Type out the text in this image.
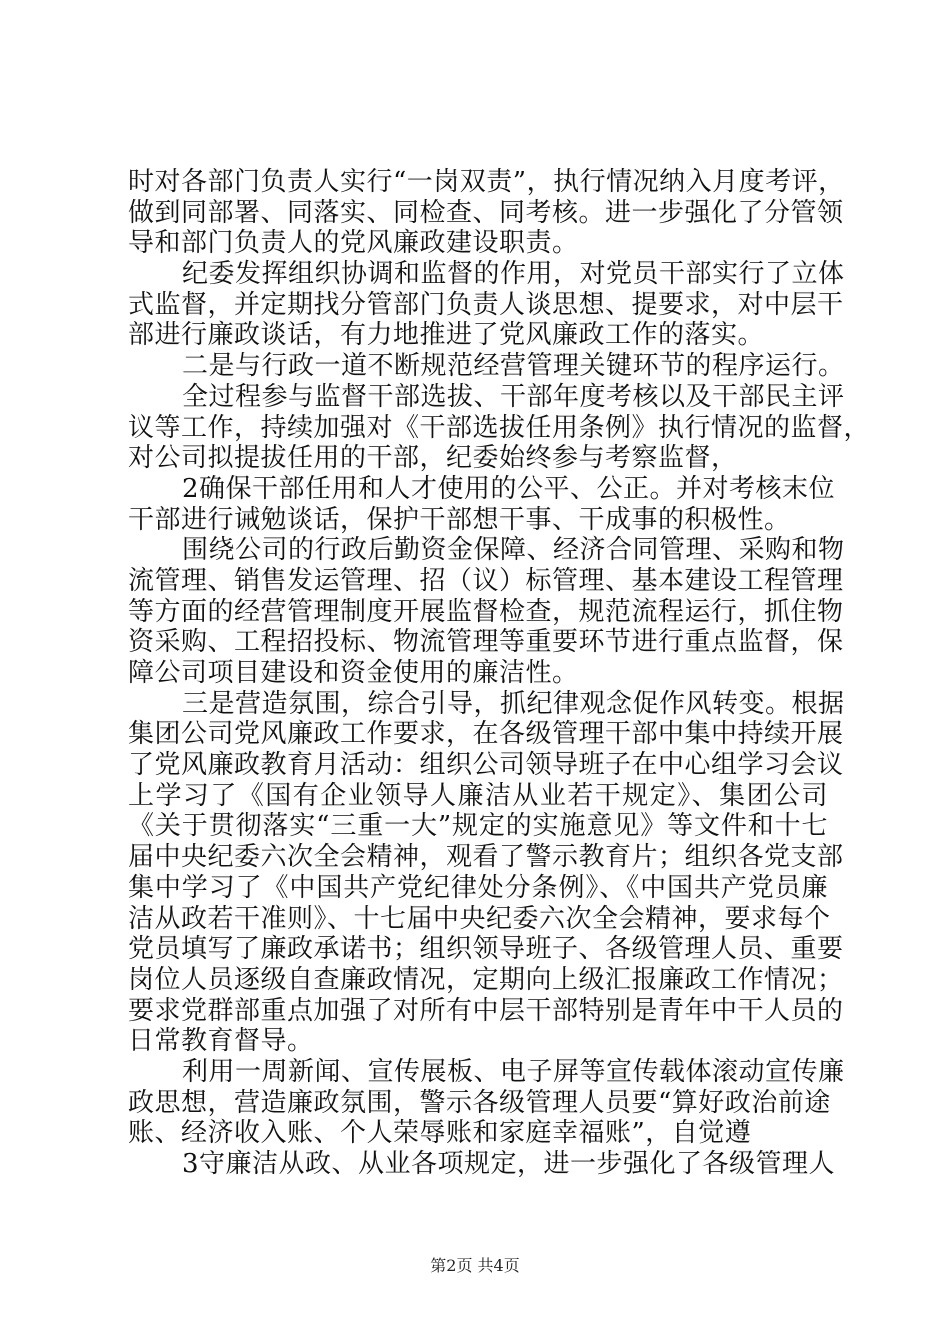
时对各部门负责人实行“一岗双责”，执行情况纳入月度考评，
做到同部署、同落实、同检查、同考核。进一步强化了分管领
导和部门负责人的党风廉政建设职责。
纪委发挥组织协调和监督的作用，对党员干部实行了立体
式监督，并定期找分管部门负责人谈思想、提要求，对中层干
部进行廉政谈话，有力地推进了党风廉政工作的落实。
二是与行政一道不断规范经营管理关键环节的程序运行。
全过程参与监督干部选拔、干部年度考核以及干部民主评
议等工作，持续加强对《干部选拔任用条例》执行情况的监督，
对公司拟提拔任用的干部，纪委始终参与考察监督，
2确保干部任用和人才使用的公平、公正。并对考核末位
干部进行诫勉谈话，保护干部想干事、干成事的积极性。
围绕公司的行政后勤资金保障、经济合同管理、采购和物
流管理、销售发运管理、招（议）标管理、基本建设工程管理
等方面的经营管理制度开展监督检查，规范流程运行，抓住物
资采购、工程招投标、物流管理等重要环节进行重点监督，保
障公司项目建设和资金使用的廉洁性。
三是营造氛围，综合引导，抓纪律观念促作风转变。根据
集团公司党风廉政工作要求，在各级管理干部中集中持续开展
了党风廉政教育月活动：组织公司领导班子在中心组学习会议
上学习了《国有企业领导人廉洁从业若干规定》、集团公司
《关于贯彻落实“三重一大”规定的实施意见》等文件和十七
届中央纪委六次全会精神，观看了警示教育片；组织各党支部
集中学习了《中国共产党纪律处分条例》、《中国共产党员廉
洁从政若干准则》、十七届中央纪委六次全会精神，要求每个
党员填写了廉政承诺书；组织领导班子、各级管理人员、重要
岗位人员逐级自查廉政情况，定期向上级汇报廉政工作情况；
要求党群部重点加强了对所有中层干部特别是青年中干人员的
日常教育督导。
利用一周新闻、宣传展板、电子屏等宣传载体滚动宣传廉
政思想，营造廉政氛围，警示各级管理人员要“算好政治前途
账、经济收入账、个人荣辱账和家庭幸福账”，自觉遵
3守廉洁从政、从业各项规定，进一步强化了各级管理人
第2页 共4页
